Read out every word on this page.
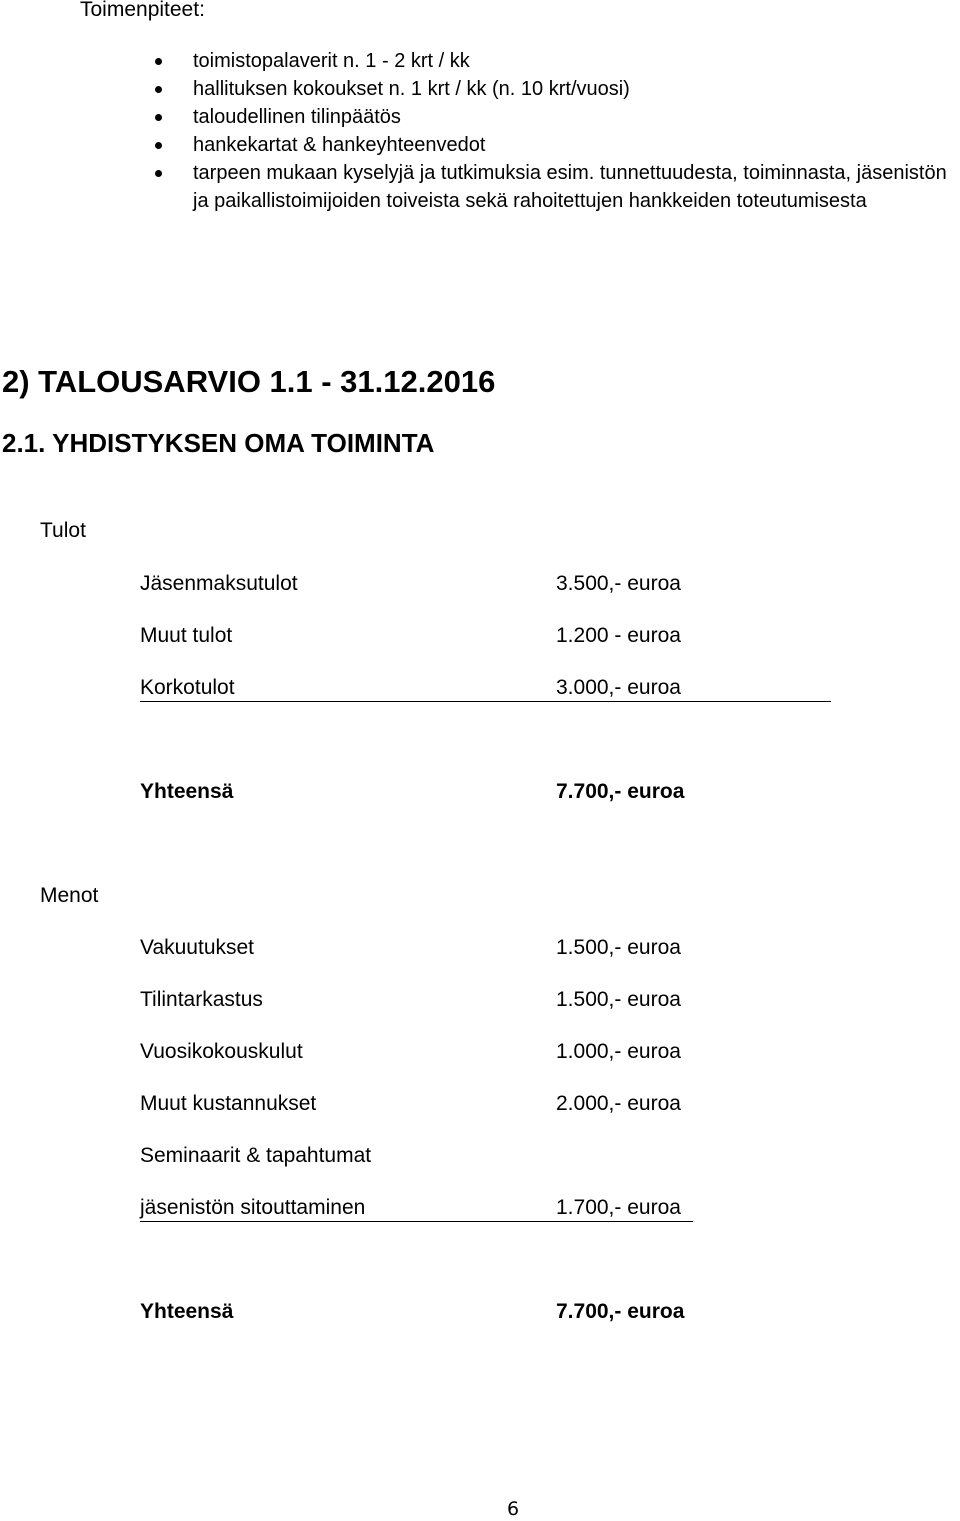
Toimenpiteet:
toimistopalaverit n. 1 - 2 krt / kk
hallituksen kokoukset n. 1 krt / kk (n. 10 krt/vuosi)
taloudellinen tilinpäätös
hankekartat & hankeyhteenvedot
tarpeen mukaan kyselyjä ja tutkimuksia esim. tunnettuudesta, toiminnasta, jäsenistön ja paikallistoimijoiden toiveista sekä rahoitettujen hankkeiden toteutumisesta
2) TALOUSARVIO 1.1 - 31.12.2016
2.1. YHDISTYKSEN OMA TOIMINTA
Tulot
Jäsenmaksutulot	3.500,- euroa
Muut tulot	1.200 - euroa
Korkotulot	3.000,- euroa
Yhteensä	7.700,- euroa
Menot
Vakuutukset	1.500,- euroa
Tilintarkastus	1.500,- euroa
Vuosikokouskulut	1.000,- euroa
Muut kustannukset	2.000,- euroa
Seminaarit & tapahtumat
jäsenistön sitouttaminen	1.700,- euroa
Yhteensä	7.700,- euroa
6
